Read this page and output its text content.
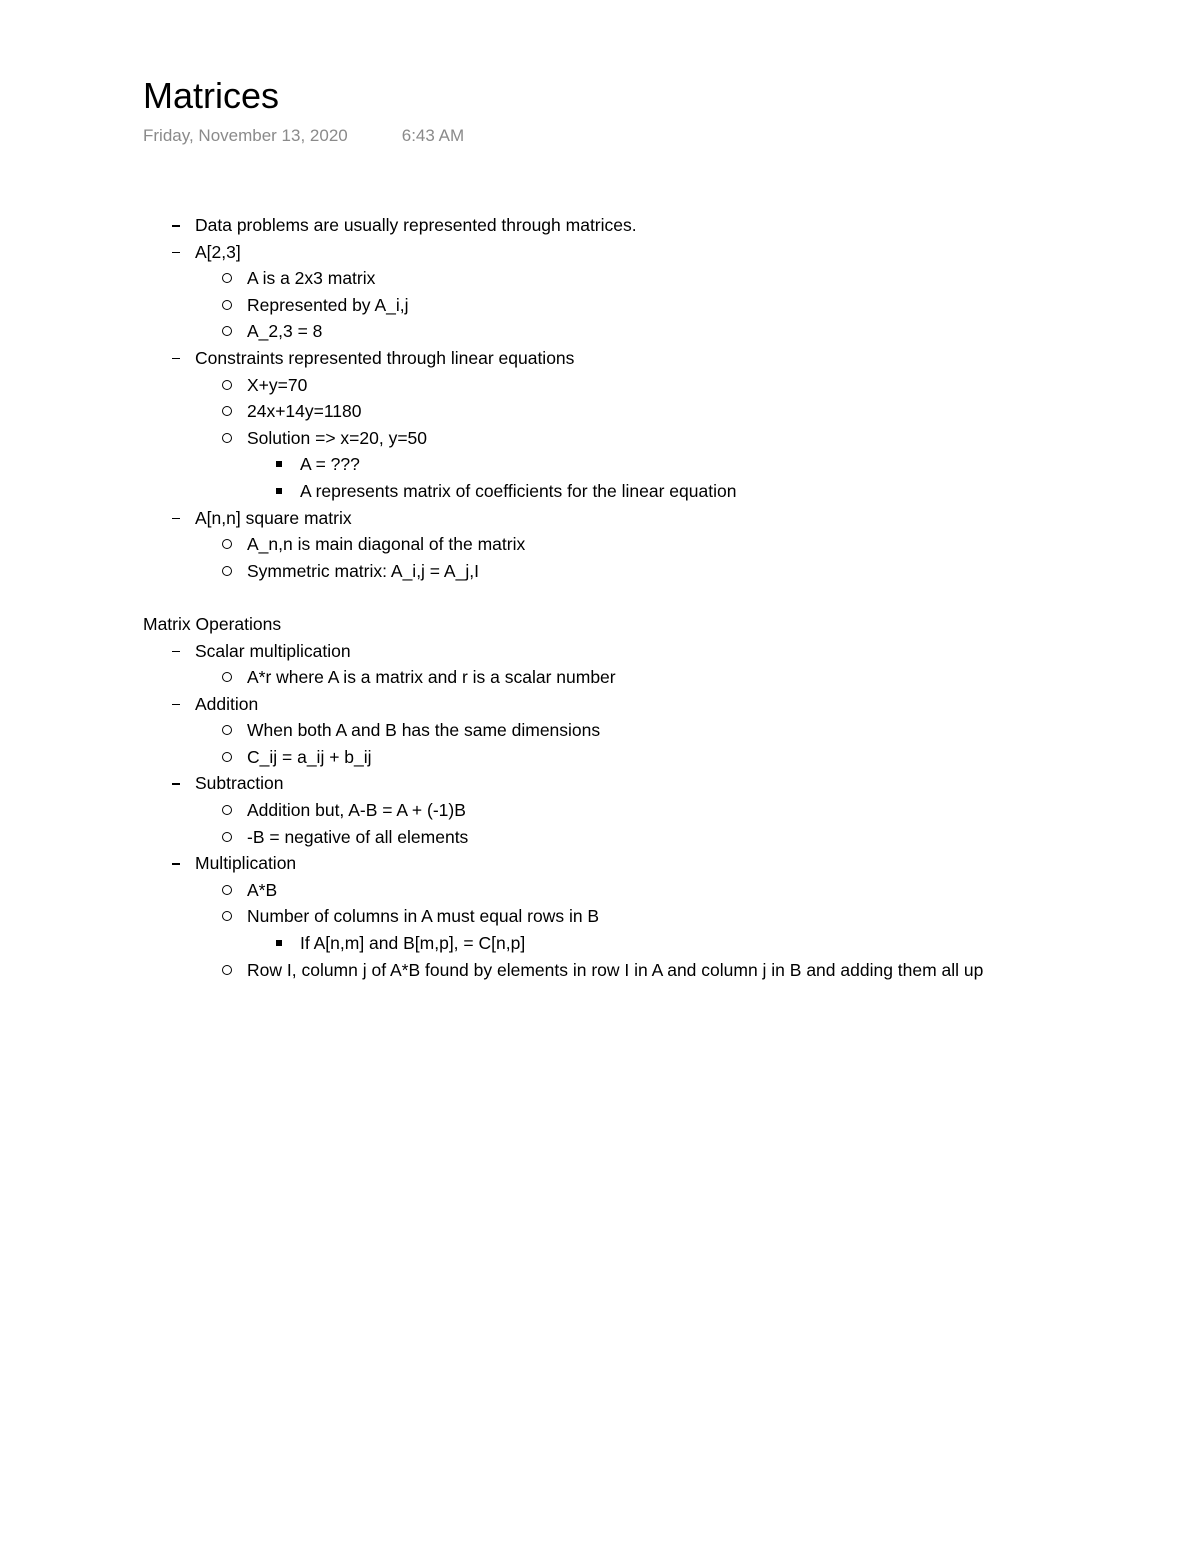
Matrices
Friday, November 13, 2020	6:43 AM
Data problems are usually represented through matrices.
A[2,3]
A is a 2x3 matrix
Represented by A_i,j
A_2,3 = 8
Constraints represented through linear equations
X+y=70
24x+14y=1180
Solution => x=20, y=50
A = ???
A represents matrix of coefficients for the linear equation
A[n,n] square matrix
A_n,n is main diagonal of the matrix
Symmetric matrix: A_i,j = A_j,I
Matrix Operations
Scalar multiplication
A*r where A is a matrix and r is a scalar number
Addition
When both A and B has the same dimensions
C_ij = a_ij + b_ij
Subtraction
Addition but, A-B = A + (-1)B
-B = negative of all elements
Multiplication
A*B
Number of columns in A must equal rows in B
If A[n,m] and B[m,p], = C[n,p]
Row I, column j of A*B found by elements in row I in A and column j in B and adding them all up
